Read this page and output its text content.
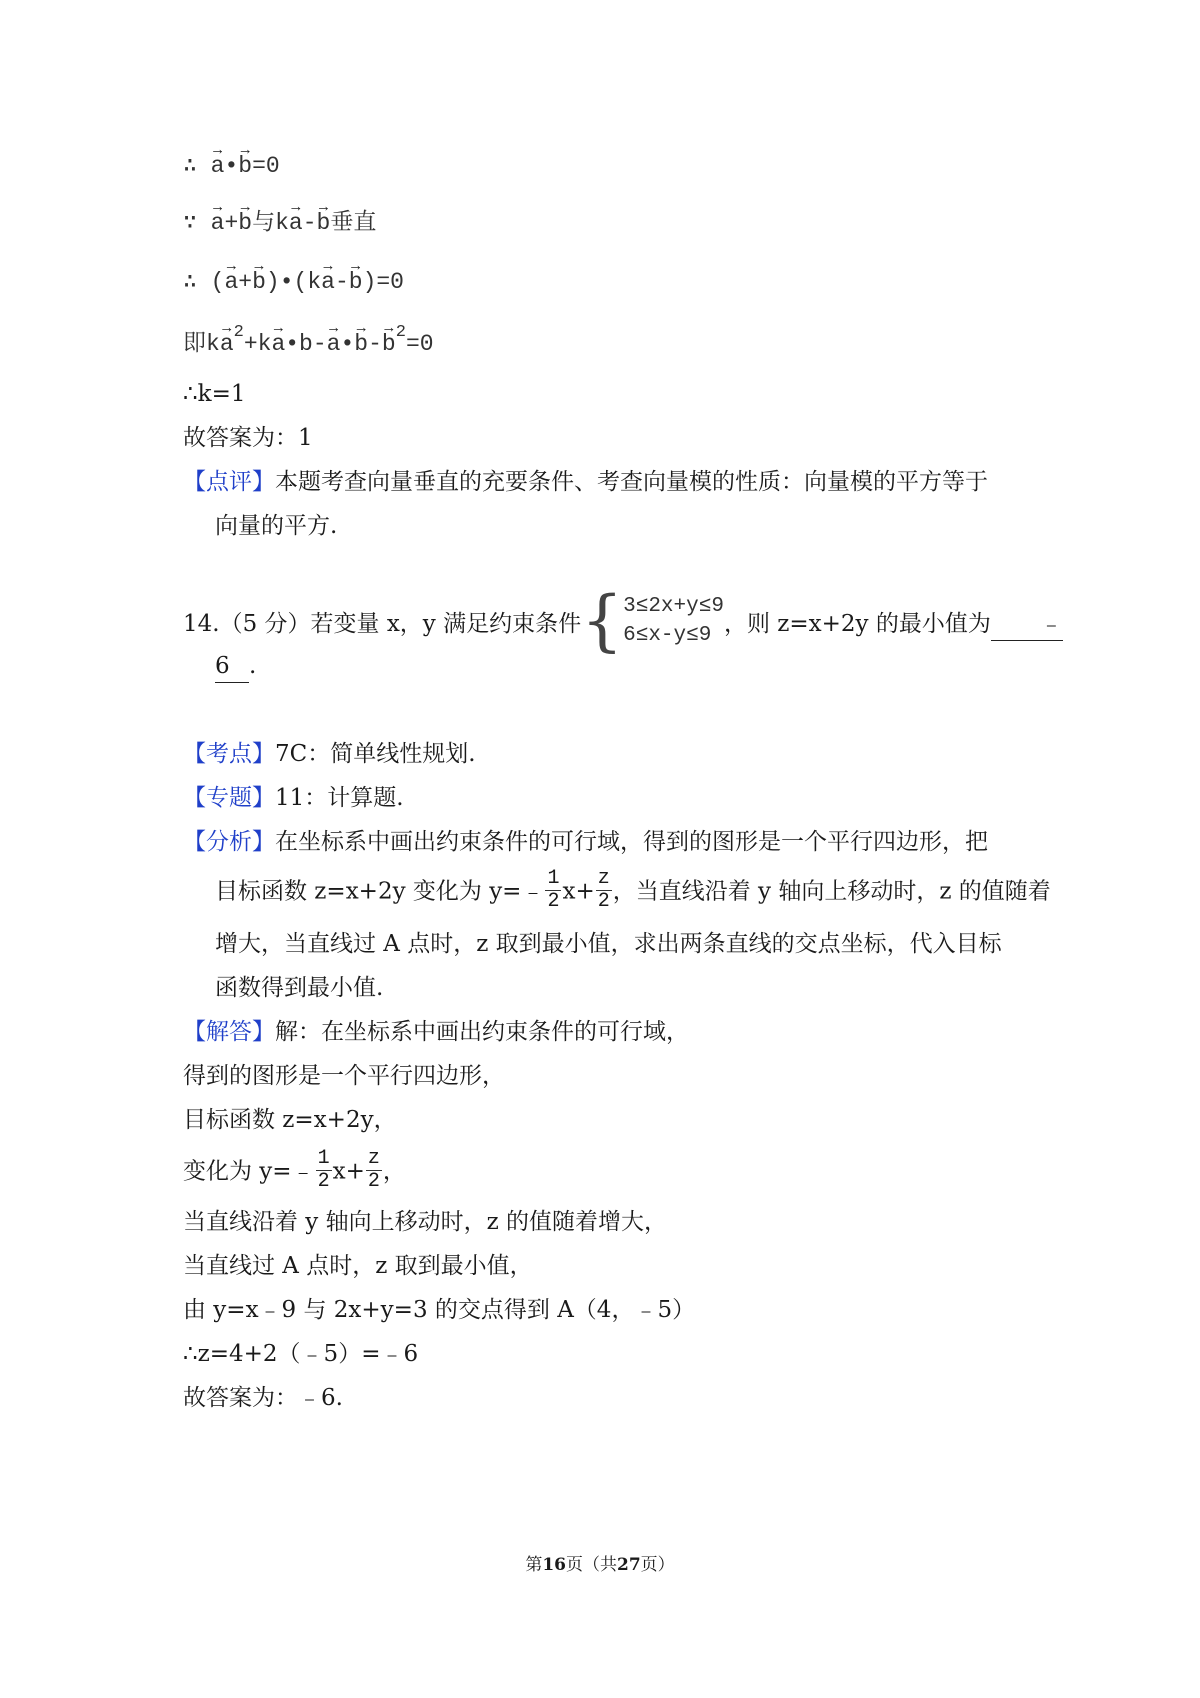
∴ → a•→ b=0
∵ → a+→ b与k→ a-→ b垂直
∴ (→ a+→ b)•(k→ a-→ b)=0
即$k\to a^2+k\to$ a•b-→ a•→ $b-\to b^2=0$
∴k=1
故答案为：1
【点评】本题考查向量垂直的充要条件、考查向量模的性质：向量模的平方等于
向量的平方.
14.（5 分）若变量 x，y 满足约束条件 { 3≤2x+y≤9
6≤x-y≤9 ，则 z=x+2y 的最小值为 ﹣
6 .
【考点】7C：简单线性规划.
【专题】11：计算题.
【分析】在坐标系中画出约束条件的可行域，得到的图形是一个平行四边形，把
目标函数 z=x+2y 变化为 y=﹣ $\frac{1}{2} x+ \frac{z}{2}$ ，当直线沿着 y 轴向上移动时，z 的值随着
增大，当直线过 A 点时，z 取到最小值，求出两条直线的交点坐标，代入目标
函数得到最小值.
【解答】解：在坐标系中画出约束条件的可行域，
得到的图形是一个平行四边形，
目标函数 z=x+2y，
变化为 y=﹣ $\frac{1}{2} x+ \frac{z}{2}$ ，
当直线沿着 y 轴向上移动时，z 的值随着增大，
当直线过 A 点时，z 取到最小值，
由 y=x﹣9 与 2x+y=3 的交点得到 A（4，﹣5）
∴z=4+2（﹣5）=﹣6
故答案为：﹣6.
第16页（共27页）
